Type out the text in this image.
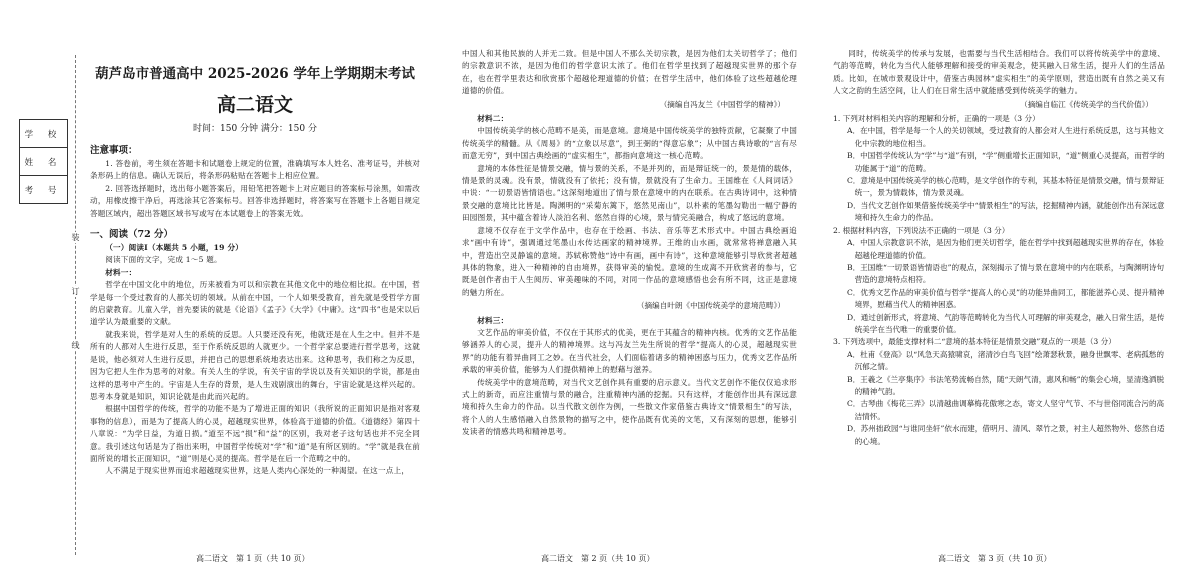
学 校
姓 名
考 号
装
订
线
葫芦岛市普通高中 2025-2026 学年上学期期末考试
高二语文
时间：150 分钟 满分：150 分
注意事项：

1. 答卷前，考生须在答题卡和试题卷上规定的位置，准确填写本人姓名、准考证号，并核对条形码上的信息。确认无误后，将条形码粘贴在答题卡上相应位置。

2. 回答选择题时，选出每小题答案后，用铅笔把答题卡上对应题目的答案标号涂黑，如需改动，用橡皮擦干净后，再选涂其它答案标号。回答非选择题时，将答案写在答题卡上各题目规定答题区域内，超出答题区域书写或写在本试题卷上的答案无效。

一、阅读（72 分）

（一）阅读Ⅰ（本题共 5 小题，19 分）

阅读下面的文字，完成 1～5 题。

材料一：

哲学在中国文化中的地位，历来被看为可以和宗教在其他文化中的地位相比拟。在中国，哲学是每一个受过教育的人都关切的领域。从前在中国，一个人如果受教育，首先就是受哲学方面的启蒙教育。儿童入学，首先要读的就是《论语》《孟子》《大学》《中庸》。这“四书”也是宋以后道学认为最重要的文献。

就我来说，哲学是对人生的系统的反思。人只要还没有死，他就还是在人生之中。但并不是所有的人都对人生进行反思，至于作系统反思的人就更少。一个哲学家总要进行哲学思考，这就是说，他必须对人生进行反思，并把自己的思想系统地表达出来。这种思考，我们称之为反思，因为它把人生作为思考的对象。有关人生的学说，有关宇宙的学说以及有关知识的学说，都是由这样的思考中产生的。宇宙是人生存的背景，是人生戏剧演出的舞台，宇宙论就是这样兴起的。思考本身就是知识，知识论就是由此而兴起的。

根据中国哲学的传统，哲学的功能不是为了增进正面的知识（我所说的正面知识是指对客观事物的信息），而是为了提高人的心灵，超越现实世界，体验高于道德的价值。《道德经》第四十八章说：“为学日益，为道日损。”道至不远“损”和“益”的区别，我对老子这句话也并不完全同意。我引述这句话是为了指出来明，中国哲学传统对“学”和“道”是有所区别的。“学”就是我在前面所说的增长正面知识，“道”则是心灵的提高。哲学是在后一个范畴之中的。

人不满足于现实世界而追求超越现实世界，这是人类内心深处的一种渴望。在这一点上，

中国人和其他民族的人并无二致。但是中国人不那么关切宗教，是因为他们太关切哲学了；他们的宗教意识不浓，是因为他们的哲学意识太浓了。他们在哲学里找到了超越现实世界的那个存在，也在哲学里表达和欣赏那个超越伦理道德的价值；在哲学生活中，他们体验了这些超越伦理道德的价值。

（摘编自冯友兰《中国哲学的精神》）

材料二：

中国传统美学的核心范畴不是美，而是意境。意境是中国传统美学的独特贡献，它凝聚了中国传统美学的精髓。从《周易》的“立象以尽意”，到王弼的“得意忘象”；从中国古典诗歌的“言有尽而意无穷”，到中国古典绘画的“虚实相生”，都指向意境这一核心范畴。

意境的本体性征是情景交融，情与景的关系，不是并列的，而是辩证统一的，景是情的载体，情是景的灵魂。没有景，情就没有了依托；没有情，景就没有了生命力。王国维在《人间词话》中说：“一切景语皆情语也。”这深刻地道出了情与景在意境中的内在联系。在古典诗词中，这种情景交融的意境比比皆是。陶渊明的“采菊东篱下，悠然见南山”，以朴素的笔墨勾勒出一幅宁静的田园图景，其中蕴含着诗人淡泊名利、悠然自得的心境，景与情完美融合，构成了悠远的意境。

意境不仅存在于文学作品中，也存在于绘画、书法、音乐等艺术形式中。中国古典绘画追求“画中有诗”，强调通过笔墨山水传达画家的精神境界。王维的山水画，就常常将禅意融入其中，营造出空灵静谧的意境。苏轼称赞他“诗中有画，画中有诗”，这种意境能够引导欣赏者超越具体的物象，进入一种精神的自由境界，获得审美的愉悦。意境的生成离不开欣赏者的参与，它既是创作者由于人生阅历、审美趣味的不同，对同一作品的意境感悟也会有所不同，这正是意境的魅力所在。

（摘编自叶朗《中国传统美学的意境范畴》）

材料三：

文艺作品的审美价值，不仅在于其形式的优美，更在于其蕴含的精神内核。优秀的文艺作品能够涵养人的心灵，提升人的精神境界。这与冯友兰先生所说的哲学“提高人的心灵，超越现实世界”的功能有着异曲同工之妙。在当代社会，人们面临着诸多的精神困惑与压力，优秀文艺作品所承载的审美价值，能够为人们提供精神上的慰藉与滋养。

传统美学中的意境范畴，对当代文艺创作具有重要的启示意义。当代文艺创作不能仅仅追求形式上的新奇，而应注重情与景的融合，注重精神内涵的挖掘。只有这样，才能创作出具有深远意境和持久生命力的作品。以当代散文创作为例，一些散文作家借鉴古典诗文“情景相生”的写法，将个人的人生感悟融入自然景物的描写之中，使作品既有优美的文笔，又有深刻的思想，能够引发读者的情感共鸣和精神思考。

同时，传统美学的传承与发展，也需要与当代生活相结合。我们可以将传统美学中的意境、气韵等范畴，转化为当代人能够理解和接受的审美观念，使其融入日常生活，提升人们的生活品质。比如，在城市景观设计中，借鉴古典园林“虚实相生”的美学原则，营造出既有自然之美又有人文之韵的生活空间，让人们在日常生活中就能感受到传统美学的魅力。

（摘编自临江《传统美学的当代价值》）
1. 下列对材料相关内容的理解和分析，正确的一项是（3 分）
A．在中国，哲学是每一个人的关切领域，受过教育的人都会对人生进行系统反思，这与其他文化中宗教的地位相当。
B．中国哲学传统认为“学”与“道”有别，“学”侧重增长正面知识，“道”侧重心灵提高，而哲学的功能属于“道”的范畴。
C．意境是中国传统美学的核心范畴，是文学创作的专利，其基本特征是情景交融，情与景辩证统一，景为情载体，情为景灵魂。
D．当代文艺创作如果借鉴传统美学中“情景相生”的写法，挖掘精神内涵，就能创作出有深远意境和持久生命力的作品。
2. 根据材料内容，下列说法不正确的一项是（3 分）
A．中国人宗教意识不浓，是因为他们更关切哲学，能在哲学中找到超越现实世界的存在，体验超越伦理道德的价值。
B．王国维“一切景语皆情语也”的观点，深刻揭示了情与景在意境中的内在联系，与陶渊明诗句营造的意境特点相符。
C．优秀文艺作品的审美价值与哲学“提高人的心灵”的功能异曲同工，都能滋养心灵、提升精神境界，慰藉当代人的精神困惑。
D．通过创新形式，将意境、气韵等范畴转化为当代人可理解的审美观念，融入日常生活，是传统美学在当代唯一的重要价值。
3. 下列选项中，最能支撑材料二“意境的基本特征是情景交融”观点的一项是（3 分）
A．杜甫《登高》以“风急天高猿啸哀，渚清沙白鸟飞回”绘萧瑟秋景，融身世飘零、老病孤愁的沉郁之情。
B．王羲之《兰亭集序》书法笔势流畅自然，随“天朗气清，惠风和畅”的集会心境，显清逸洒脱的精神气韵。
C．古琴曲《梅花三弄》以清越曲调摹梅花傲寒之态，寄文人坚守气节、不与世俗同流合污的高洁情怀。
D．苏州拙政园“与谁同坐轩”依水而建，借明月、清风、翠竹之景，衬主人超然物外、悠然自适的心境。
高二语文　第 1 页（共 10 页）	高二语文　第 2 页（共 10 页）	高二语文　第 3 页（共 10 页）
